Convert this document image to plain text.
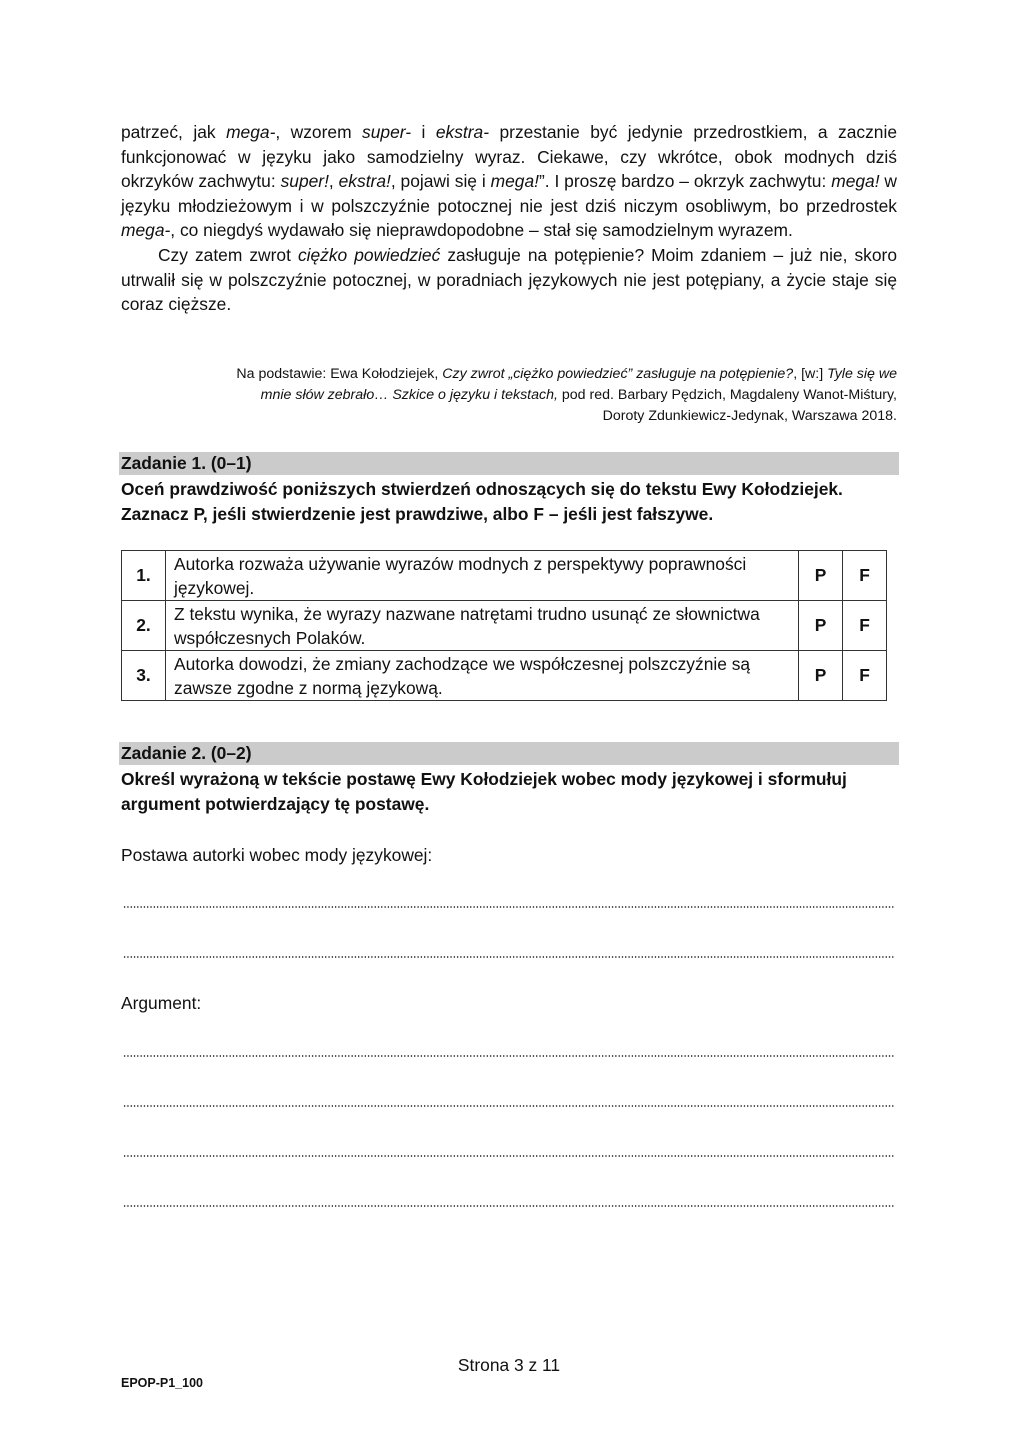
patrzeć, jak mega-, wzorem super- i ekstra- przestanie być jedynie przedrostkiem, a zacznie funkcjonować w języku jako samodzielny wyraz. Ciekawe, czy wkrótce, obok modnych dziś okrzyków zachwytu: super!, ekstra!, pojawi się i mega!”. I proszę bardzo – okrzyk zachwytu: mega! w języku młodzieżowym i w polszczyźnie potocznej nie jest dziś niczym osobliwym, bo przedrostek mega-, co niegdyś wydawało się nieprawdopodobne – stał się samodzielnym wyrazem.

Czy zatem zwrot ciężko powiedzieć zasługuje na potępienie? Moim zdaniem – już nie, skoro utrwalił się w polszczyźnie potocznej, w poradniach językowych nie jest potępiany, a życie staje się coraz cięższe.

Na podstawie: Ewa Kołodziejek, Czy zwrot „ciężko powiedzieć” zasługuje na potępienie?, [w:] Tyle się we mnie słów zebrało… Szkice o języku i tekstach, pod red. Barbary Pędzich, Magdaleny Wanot-Miśtury, Doroty Zdunkiewicz-Jedynak, Warszawa 2018.
Zadanie 1. (0–1)
Oceń prawdziwość poniższych stwierdzeń odnoszących się do tekstu Ewy Kołodziejek.
Zaznacz P, jeśli stwierdzenie jest prawdziwe, albo F – jeśli jest fałszywe.
1.	Autorka rozważa używanie wyrazów modnych z perspektywy poprawności językowej.	P	F
2.	Z tekstu wynika, że wyrazy nazwane natrętami trudno usunąć ze słownictwa współczesnych Polaków.	P	F
3.	Autorka dowodzi, że zmiany zachodzące we współczesnej polszczyźnie są zawsze zgodne z normą językową.	P	F
Zadanie 2. (0–2)
Określ wyrażoną w tekście postawę Ewy Kołodziejek wobec mody językowej i sformułuj
argument potwierdzający tę postawę.
Postawa autorki wobec mody językowej:
Argument:
Strona 3 z 11
EPOP-P1_100
